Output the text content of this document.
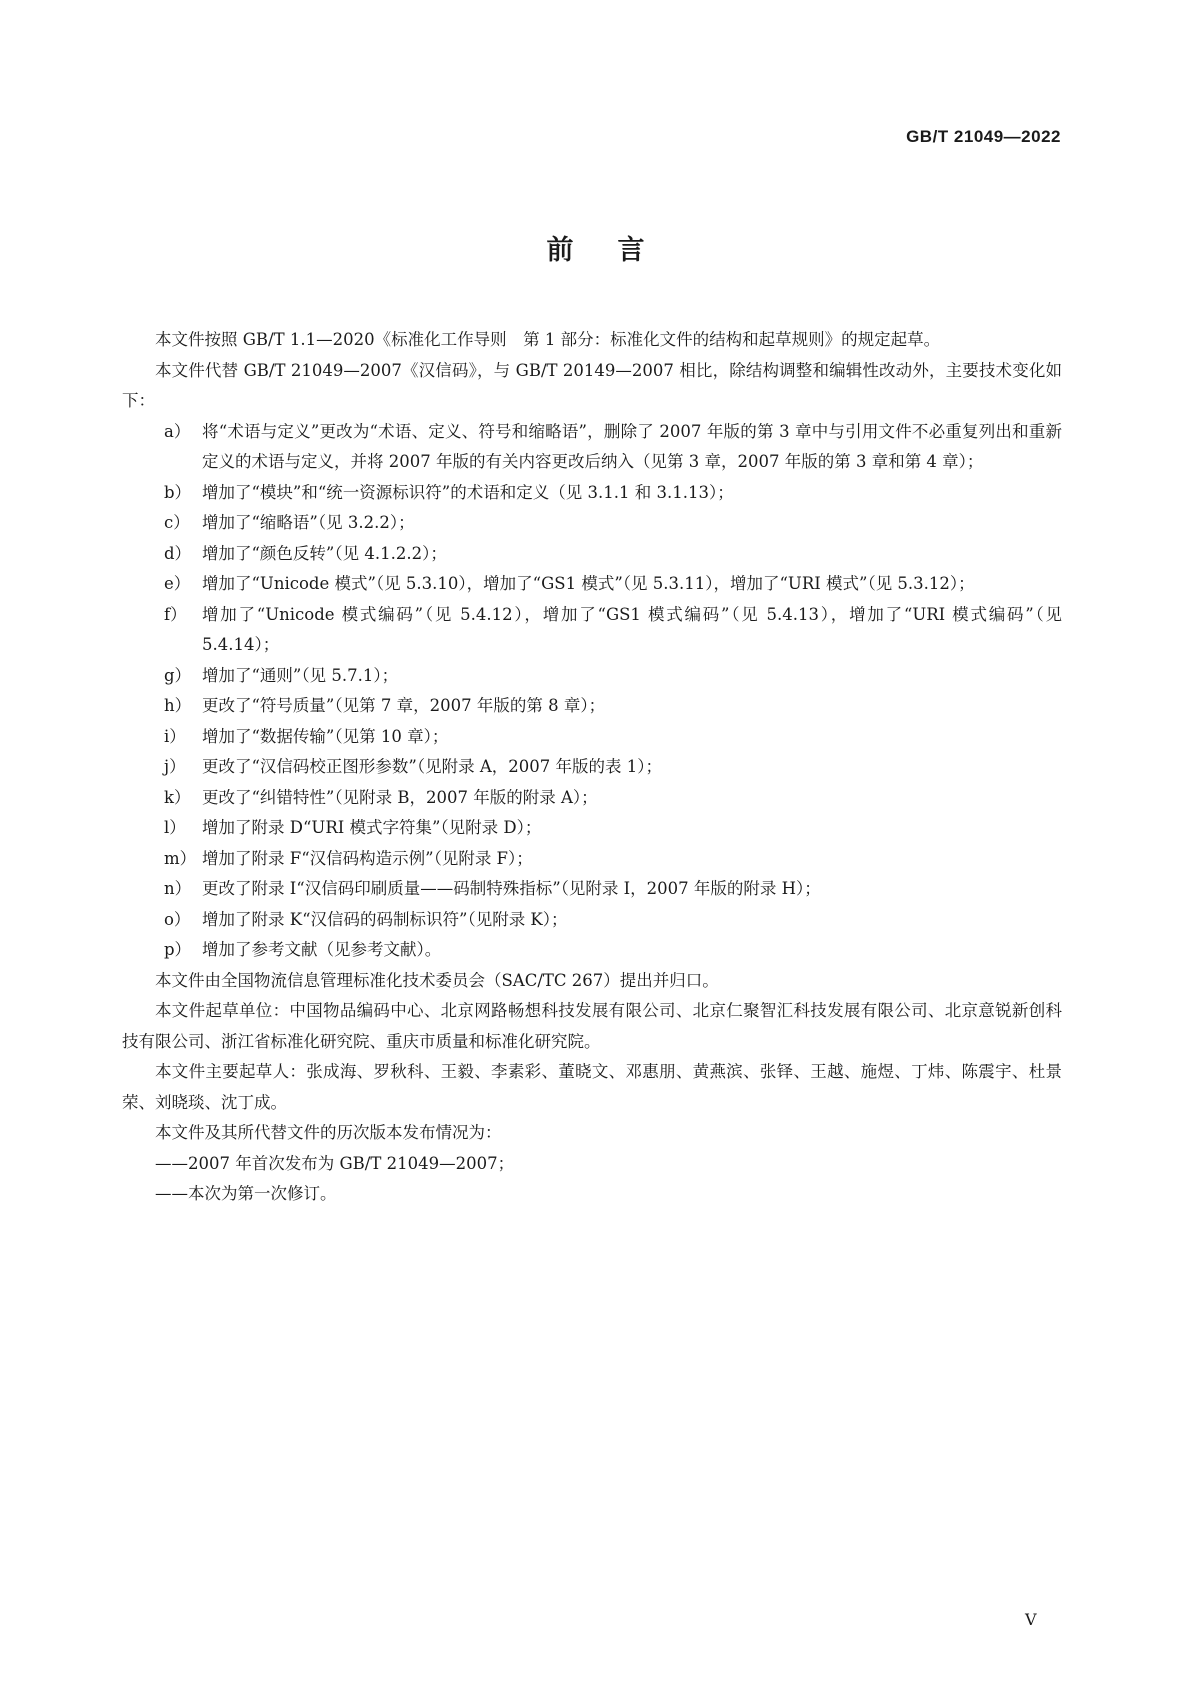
GB/T 21049—2022
前言

本文件按照 GB/T 1.1—2020《标准化工作导则　第 1 部分：标准化文件的结构和起草规则》的规定起草。

本文件代替 GB/T 21049—2007《汉信码》，与 GB/T 20149—2007 相比，除结构调整和编辑性改动外，主要技术变化如下：

a） 将“术语与定义”更改为“术语、定义、符号和缩略语”，删除了 2007 年版的第 3 章中与引用文件不必重复列出和重新定义的术语与定义，并将 2007 年版的有关内容更改后纳入（见第 3 章，2007 年版的第 3 章和第 4 章）；
b） 增加了“模块”和“统一资源标识符”的术语和定义（见 3.1.1 和 3.1.13）；
c） 增加了“缩略语”（见 3.2.2）；
d） 增加了“颜色反转”（见 4.1.2.2）；
e） 增加了“Unicode 模式”（见 5.3.10），增加了“GS1 模式”（见 5.3.11），增加了“URI 模式”（见 5.3.12）；
f） 增加了“Unicode 模式编码”（见 5.4.12），增加了“GS1 模式编码”（见 5.4.13），增加了“URI 模式编码”（见 5.4.14）；
g） 增加了“通则”（见 5.7.1）；
h） 更改了“符号质量”（见第 7 章，2007 年版的第 8 章）；
i） 增加了“数据传输”（见第 10 章）；
j） 更改了“汉信码校正图形参数”（见附录 A，2007 年版的表 1）；
k） 更改了“纠错特性”（见附录 B，2007 年版的附录 A）；
l） 增加了附录 D“URI 模式字符集”（见附录 D）；
m） 增加了附录 F“汉信码构造示例”（见附录 F）；
n） 更改了附录 I“汉信码印刷质量——码制特殊指标”（见附录 I，2007 年版的附录 H）；
o） 增加了附录 K“汉信码的码制标识符”（见附录 K）；
p） 增加了参考文献（见参考文献）。

本文件由全国物流信息管理标准化技术委员会（SAC/TC 267）提出并归口。

本文件起草单位：中国物品编码中心、北京网路畅想科技发展有限公司、北京仁聚智汇科技发展有限公司、北京意锐新创科技有限公司、浙江省标准化研究院、重庆市质量和标准化研究院。

本文件主要起草人：张成海、罗秋科、王毅、李素彩、董晓文、邓惠朋、黄燕滨、张铎、王越、施煜、丁炜、陈震宇、杜景荣、刘晓琰、沈丁成。

本文件及其所代替文件的历次版本发布情况为：

——2007 年首次发布为 GB/T 21049—2007；

——本次为第一次修订。

V
